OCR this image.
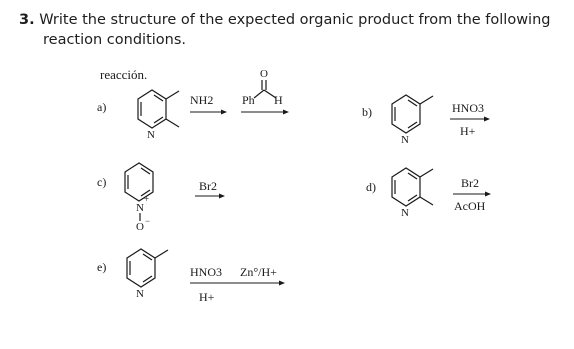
3. Write the structure of the expected organic product from the following
reaction conditions.
reacción.
a)
N
NH2
O
Ph H
b)
N
HNO3
H+
c)
N
+
O −
Br2	d)
N
Br2
AcOH
e)
N
HNO3 Zn°/H+
H+
